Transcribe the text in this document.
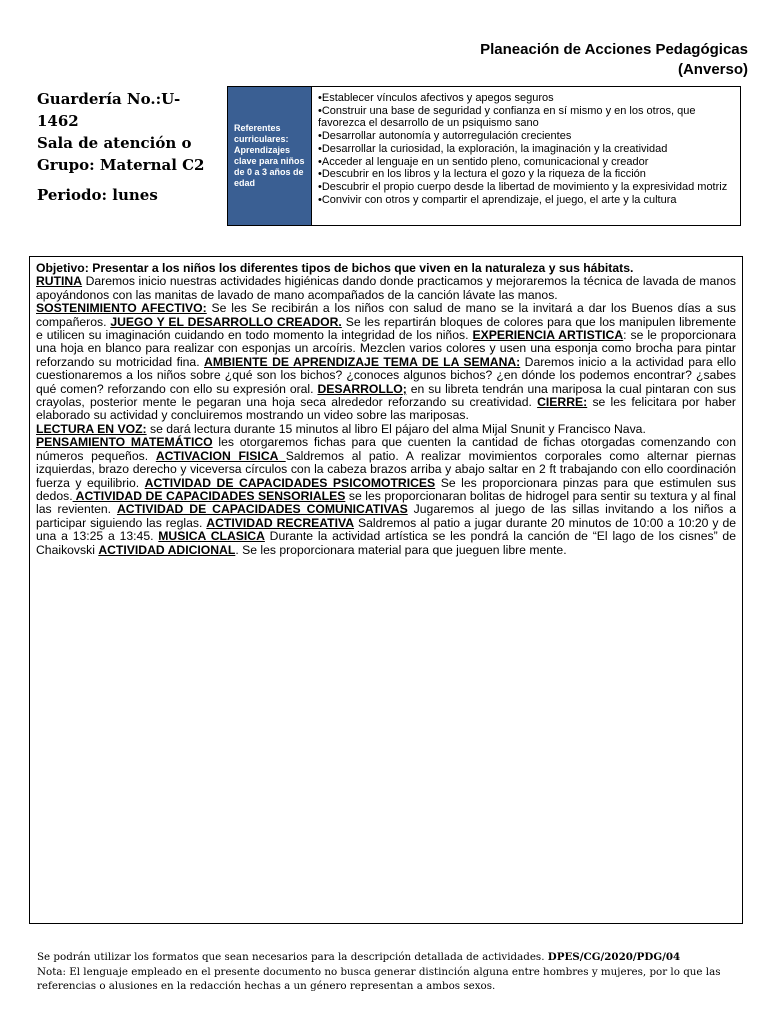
Planeación de Acciones Pedagógicas
(Anverso)
Guardería No.:U-1462
Sala de atención o Grupo: Maternal C2
Periodo: lunes
Referentes curriculares: Aprendizajes clave para niños de 0 a 3 años de edad
• Establecer vínculos afectivos y apegos seguros
• Construir una base de seguridad y confianza en sí mismo y en los otros, que favorezca el desarrollo de un psiquismo sano
• Desarrollar autonomía y autorregulación crecientes
• Desarrollar la curiosidad, la exploración, la imaginación y la creatividad
• Acceder al lenguaje en un sentido pleno, comunicacional y creador
• Descubrir en los libros y la lectura el gozo y la riqueza de la ficción
• Descubrir el propio cuerpo desde la libertad de movimiento y la expresividad motriz
• Convivir con otros y compartir el aprendizaje, el juego, el arte y la cultura

Objetivo: Presentar a los niños los diferentes tipos de bichos que viven en la naturaleza y sus hábitats.

RUTINA Daremos inicio nuestras actividades higiénicas dando donde practicamos y mejoraremos la técnica de lavada de manos apoyándonos con las manitas de lavado de mano acompañados de la canción lávate las manos.

SOSTENIMIENTO AFECTIVO: Se les Se recibirán a los niños con salud de mano se la invitará a dar los Buenos días a sus compañeros. JUEGO Y EL DESARROLLO CREADOR. Se les repartirán bloques de colores para que los manipulen libremente e utilicen su imaginación cuidando en todo momento la integridad de los niños. EXPERIENCIA ARTISTICA: se le proporcionara una hoja en blanco para realizar con esponjas un arcoíris. Mezclen varios colores y usen una esponja como brocha para pintar reforzando su motricidad fina. AMBIENTE DE APRENDIZAJE TEMA DE LA SEMANA: Daremos inicio a la actividad para ello cuestionaremos a los niños sobre ¿qué son los bichos? ¿conoces algunos bichos? ¿en dónde los podemos encontrar? ¿sabes qué comen? reforzando con ello su expresión oral. DESARROLLO; en su libreta tendrán una mariposa la cual pintaran con sus crayolas, posterior mente le pegaran una hoja seca alrededor reforzando su creatividad. CIERRE: se les felicitara por haber elaborado su actividad y concluiremos mostrando un video sobre las mariposas.

LECTURA EN VOZ: se dará lectura durante 15 minutos al libro El pájaro del alma Mijal Snunit y Francisco Nava.

PENSAMIENTO MATEMÁTICO les otorgaremos fichas para que cuenten la cantidad de fichas otorgadas comenzando con números pequeños. ACTIVACION FISICA Saldremos al patio. A realizar movimientos corporales como alternar piernas izquierdas, brazo derecho y viceversa círculos con la cabeza brazos arriba y abajo saltar en 2 ft trabajando con ello coordinación fuerza y equilibrio. ACTIVIDAD DE CAPACIDADES PSICOMOTRICES Se les proporcionara pinzas para que estimulen sus dedos. ACTIVIDAD DE CAPACIDADES SENSORIALES se les proporcionaran bolitas de hidrogel para sentir su textura y al final las revienten. ACTIVIDAD DE CAPACIDADES COMUNICATIVAS Jugaremos al juego de las sillas invitando a los niños a participar siguiendo las reglas. ACTIVIDAD RECREATIVA Saldremos al patio a jugar durante 20 minutos de 10:00 a 10:20 y de una a 13:25 a 13:45. MUSICA CLASICA Durante la actividad artística se les pondrá la canción de “El lago de los cisnes” de Chaikovski ACTIVIDAD ADICIONAL. Se les proporcionara material para que jueguen libre mente.

Se podrán utilizar los formatos que sean necesarios para la descripción detallada de actividades. DPES/CG/2020/PDG/04
Nota: El lenguaje empleado en el presente documento no busca generar distinción alguna entre hombres y mujeres, por lo que las referencias o alusiones en la redacción hechas a un género representan a ambos sexos.
